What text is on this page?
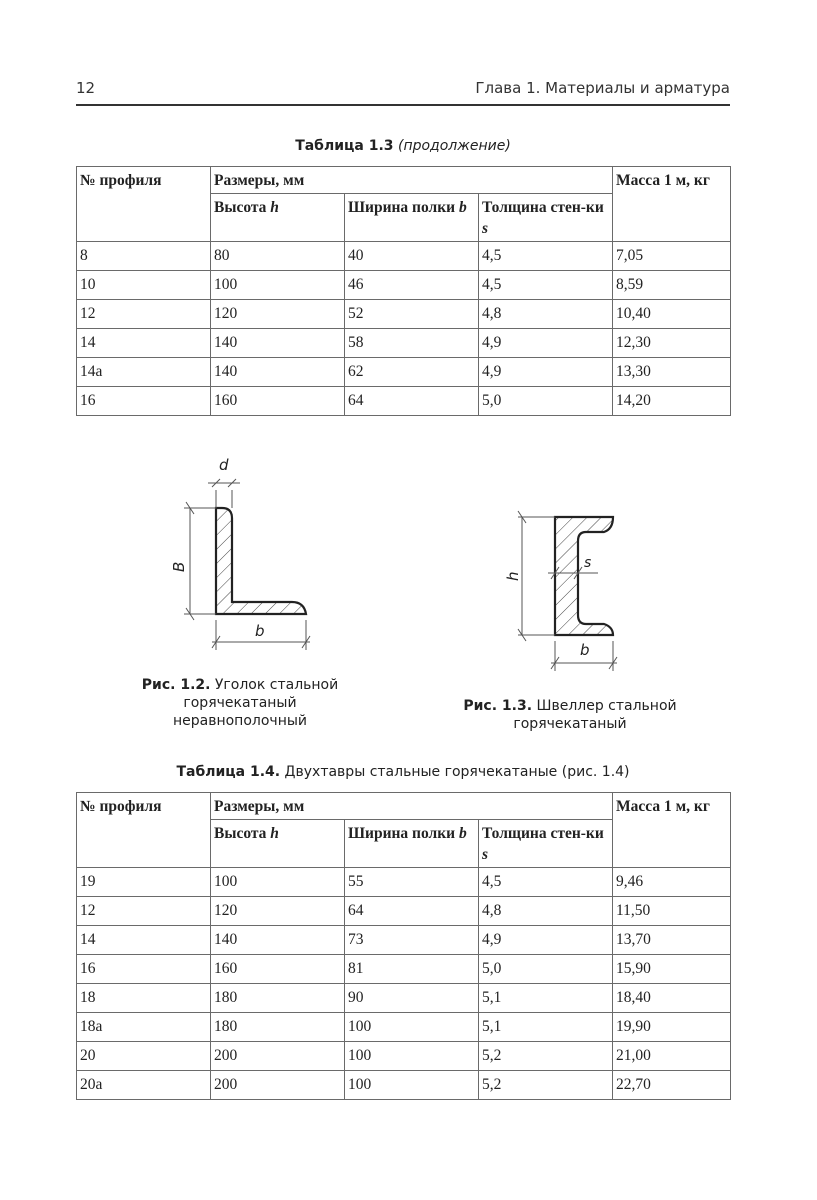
12	Глава 1. Материалы и арматура
Таблица 1.3 (продолжение)
№ профиля	Размеры, мм			Масса 1 м, кг
	Высота h	Ширина полки b	Толщина стен-ки s	
8	80	40	4,5	7,05
10	100	46	4,5	8,59
12	120	52	4,8	10,40
14	140	58	4,9	12,30
14а	140	62	4,9	13,30
16	160	64	5,0	14,20
d
B
b
Рис. 1.2. Уголок стальной
горячекатаный
неравнополочный
h
s
b
Рис. 1.3. Швеллер стальной
горячекатаный
Таблица 1.4. Двухтавры стальные горячекатаные (рис. 1.4)
№ профиля	Размеры, мм			Масса 1 м, кг
	Высота h	Ширина полки b	Толщина стен-ки s	
19	100	55	4,5	9,46
12	120	64	4,8	11,50
14	140	73	4,9	13,70
16	160	81	5,0	15,90
18	180	90	5,1	18,40
18а	180	100	5,1	19,90
20	200	100	5,2	21,00
20а	200	100	5,2	22,70
